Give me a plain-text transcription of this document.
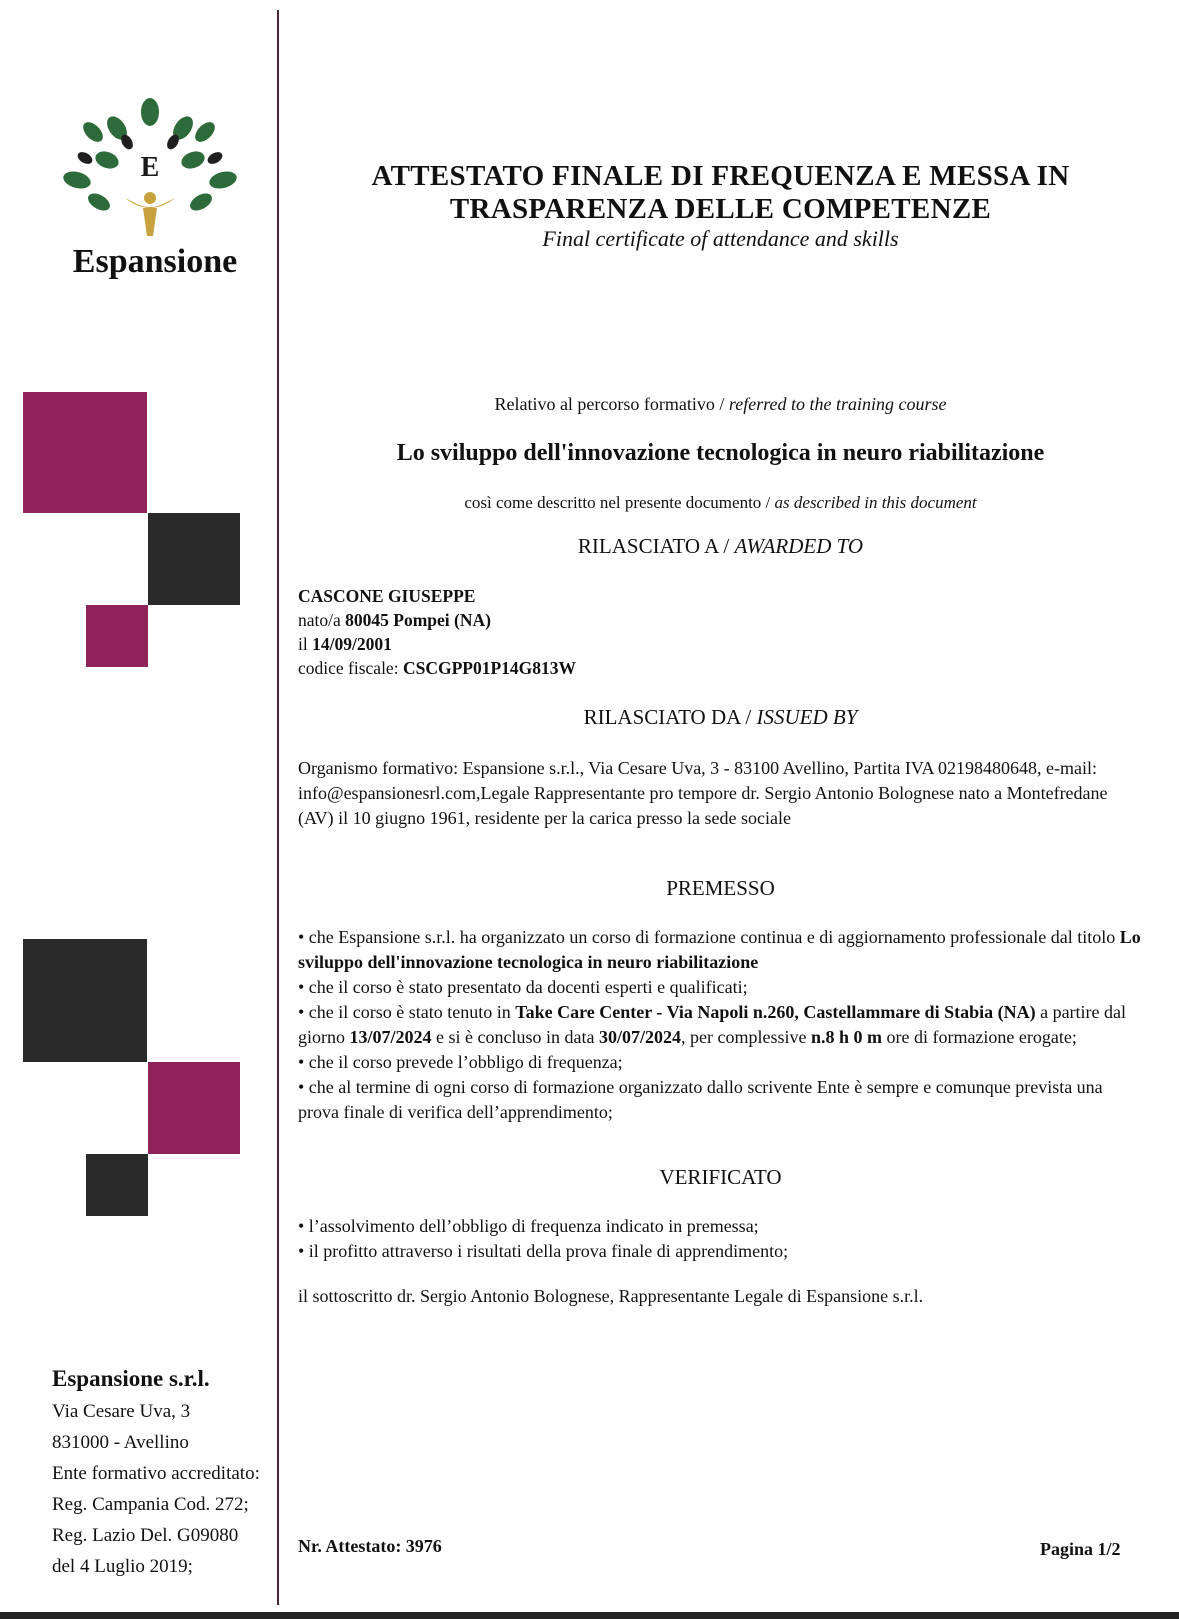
E
Espansione
Espansione s.r.l.
Via Cesare Uva, 3
831000 - Avellino
Ente formativo accreditato:
Reg. Campania Cod. 272;
Reg. Lazio Del. G09080
del 4 Luglio 2019;
ATTESTATO FINALE DI FREQUENZA E MESSA IN
TRASPARENZA DELLE COMPETENZE
Final certificate of attendance and skills
Relativo al percorso formativo / referred to the training course
Lo sviluppo dell'innovazione tecnologica in neuro riabilitazione
così come descritto nel presente documento / as described in this document
RILASCIATO A / AWARDED TO
CASCONE GIUSEPPE
nato/a 80045 Pompei (NA)
il 14/09/2001
codice fiscale: CSCGPP01P14G813W
RILASCIATO DA / ISSUED BY
Organismo formativo: Espansione s.r.l., Via Cesare Uva, 3 - 83100 Avellino, Partita IVA 02198480648, e-mail: info@espansionesrl.com,Legale Rappresentante pro tempore dr. Sergio Antonio Bolognese nato a Montefredane (AV) il 10 giugno 1961, residente per la carica presso la sede sociale
PREMESSO
• che Espansione s.r.l. ha organizzato un corso di formazione continua e di aggiornamento professionale dal titolo Lo sviluppo dell'innovazione tecnologica in neuro riabilitazione
• che il corso è stato presentato da docenti esperti e qualificati;
• che il corso è stato tenuto in Take Care Center - Via Napoli n.260, Castellammare di Stabia (NA) a partire dal giorno 13/07/2024 e si è concluso in data 30/07/2024, per complessive n.8 h 0 m ore di formazione erogate;
• che il corso prevede l’obbligo di frequenza;
• che al termine di ogni corso di formazione organizzato dallo scrivente Ente è sempre e comunque prevista una prova finale di verifica dell’apprendimento;
VERIFICATO
• l’assolvimento dell’obbligo di frequenza indicato in premessa;
• il profitto attraverso i risultati della prova finale di apprendimento;
il sottoscritto dr. Sergio Antonio Bolognese, Rappresentante Legale di Espansione s.r.l.
Nr. Attestato: 3976	Pagina 1/2
